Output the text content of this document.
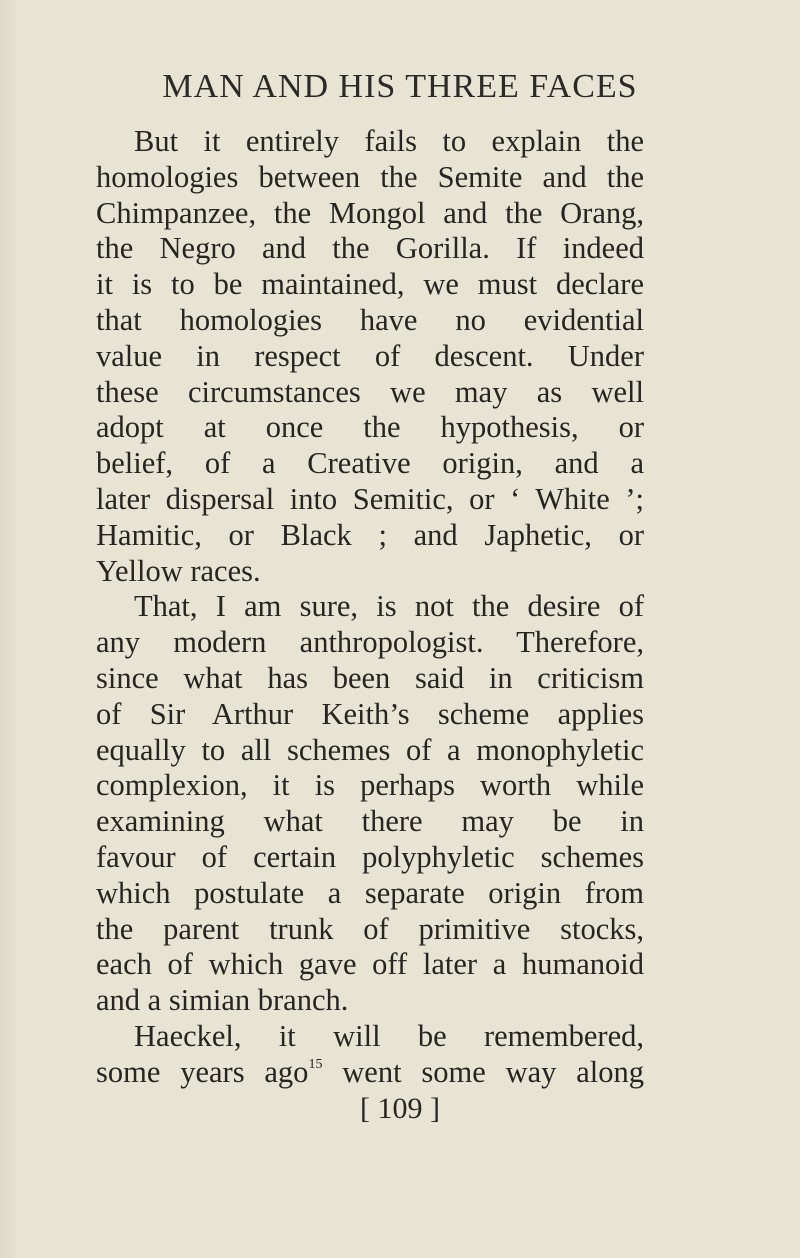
MAN AND HIS THREE FACES
But it entirely fails to explain the
homologies between the Semite and the
Chimpanzee, the Mongol and the Orang,
the Negro and the Gorilla. If indeed
it is to be maintained, we must declare
that homologies have no evidential
value in respect of descent. Under
these circumstances we may as well
adopt at once the hypothesis, or
belief, of a Creative origin, and a
later dispersal into Semitic, or ‘ White ’;
Hamitic, or Black ; and Japhetic, or
Yellow races.
That, I am sure, is not the desire of
any modern anthropologist. Therefore,
since what has been said in criticism
of Sir Arthur Keith’s scheme applies
equally to all schemes of a monophyletic
complexion, it is perhaps worth while
examining what there may be in
favour of certain polyphyletic schemes
which postulate a separate origin from
the parent trunk of primitive stocks,
each of which gave off later a humanoid
and a simian branch.
Haeckel, it will be remembered,
some years ago$^{15}$ went some way along
[ 109 ]
